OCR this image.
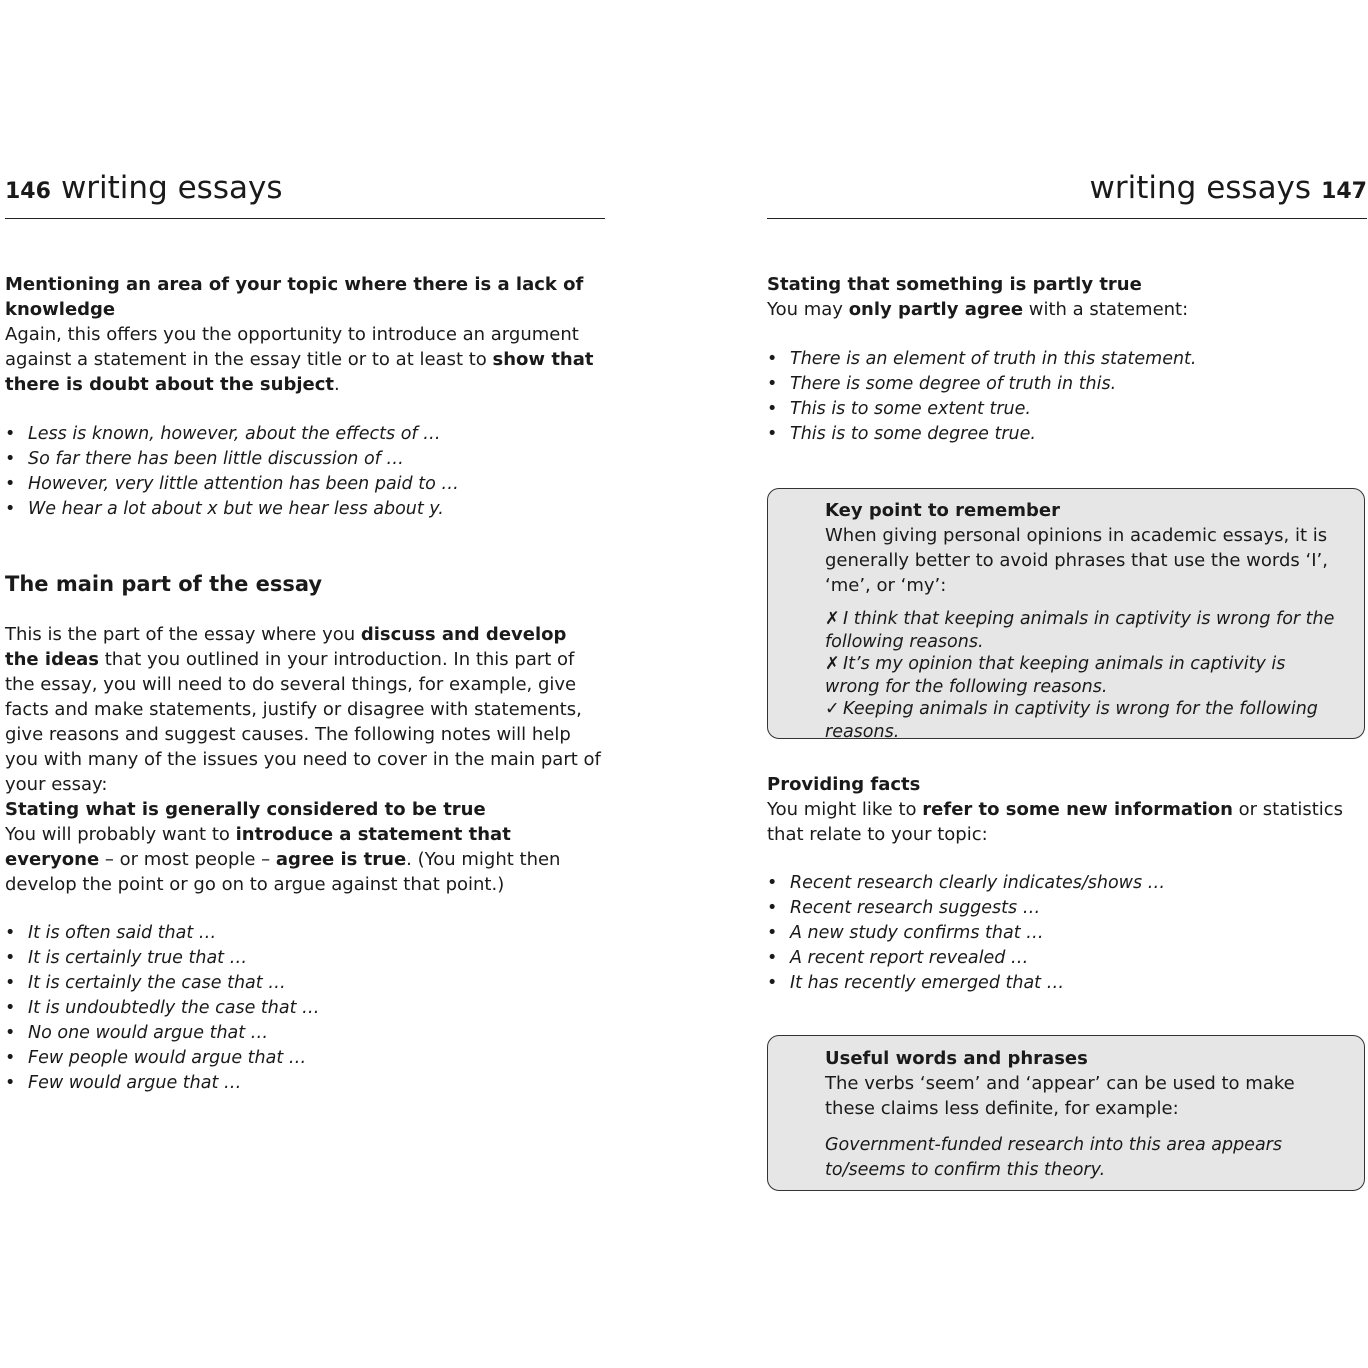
146 writing essays

Mentioning an area of your topic where there is a lack of knowledge

Again, this offers you the opportunity to introduce an argument against a statement in the essay title or to at least to show that there is doubt about the subject.

• Less is known, however, about the effects of …
• So far there has been little discussion of …
• However, very little attention has been paid to …
• We hear a lot about x but we hear less about y.
The main part of the essay

This is the part of the essay where you discuss and develop the ideas that you outlined in your introduction. In this part of the essay, you will need to do several things, for example, give facts and make statements, justify or disagree with statements, give reasons and suggest causes. The following notes will help you with many of the issues you need to cover in the main part of your essay:

Stating what is generally considered to be true

You will probably want to introduce a statement that everyone – or most people – agree is true. (You might then develop the point or go on to argue against that point.)

• It is often said that …
• It is certainly true that …
• It is certainly the case that …
• It is undoubtedly the case that …
• No one would argue that …
• Few people would argue that …
• Few would argue that …
writing essays 147

Stating that something is partly true

You may only partly agree with a statement:

• There is an element of truth in this statement.
• There is some degree of truth in this.
• This is to some extent true.
• This is to some degree true.

Key point to remember

When giving personal opinions in academic essays, it is generally better to avoid phrases that use the words ‘I’, ‘me’, or ‘my’:

✗ I think that keeping animals in captivity is wrong for the following reasons.
✗ It’s my opinion that keeping animals in captivity is wrong for the following reasons.
✓ Keeping animals in captivity is wrong for the following reasons.

Providing facts

You might like to refer to some new information or statistics that relate to your topic:

• Recent research clearly indicates/shows …
• Recent research suggests …
• A new study confirms that …
• A recent report revealed …
• It has recently emerged that …

Useful words and phrases

The verbs ‘seem’ and ‘appear’ can be used to make these claims less definite, for example:

Government-funded research into this area appears to/seems to confirm this theory.
